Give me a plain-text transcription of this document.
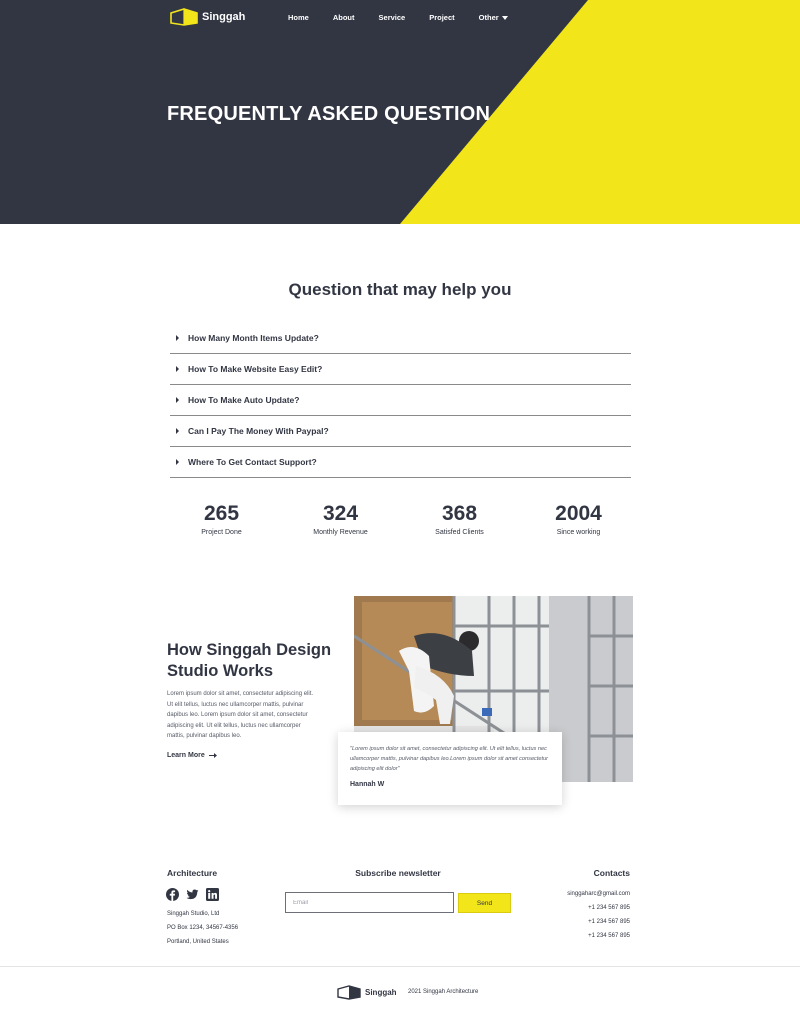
Singgah	Home	About	Service	Project	Other
FREQUENTLY ASKED QUESTION
Question that may help you
How Many Month Items Update?
How To Make Website Easy Edit?
How To Make Auto Update?
Can I Pay The Money With Paypal?
Where To Get Contact Support?
265
Project Done
324
Monthly Revenue
368
Satisfed Clients
2004
Since working
How Singgah Design Studio Works
Lorem ipsum dolor sit amet, consectetur adipiscing elit. Ut elit tellus, luctus nec ullamcorper mattis, pulvinar dapibus leo. Lorem ipsum dolor sit amet, consectetur adipiscing elit. Ut elit tellus, luctus nec ullamcorper mattis, pulvinar dapibus leo.
Learn More
"Lorem ipsum dolor sit amet, consectetur adipiscing elit. Ut elit tellus, luctus nec ullamcorper mattis, pulvinar dapibus leo.Lorem ipsum dolor sit amet consectetur adipiscing elit dolor"
Hannah W
Architecture
Singgah Studio, Ltd
PO Box 1234, 34567-4356
Portland, United States
Subscribe newsletter
Email
Send
Contacts
singgaharc@gmail.com
+1 234 567 895
+1 234 567 895
+1 234 567 895
Singgah 2021 Singgah Architecture
